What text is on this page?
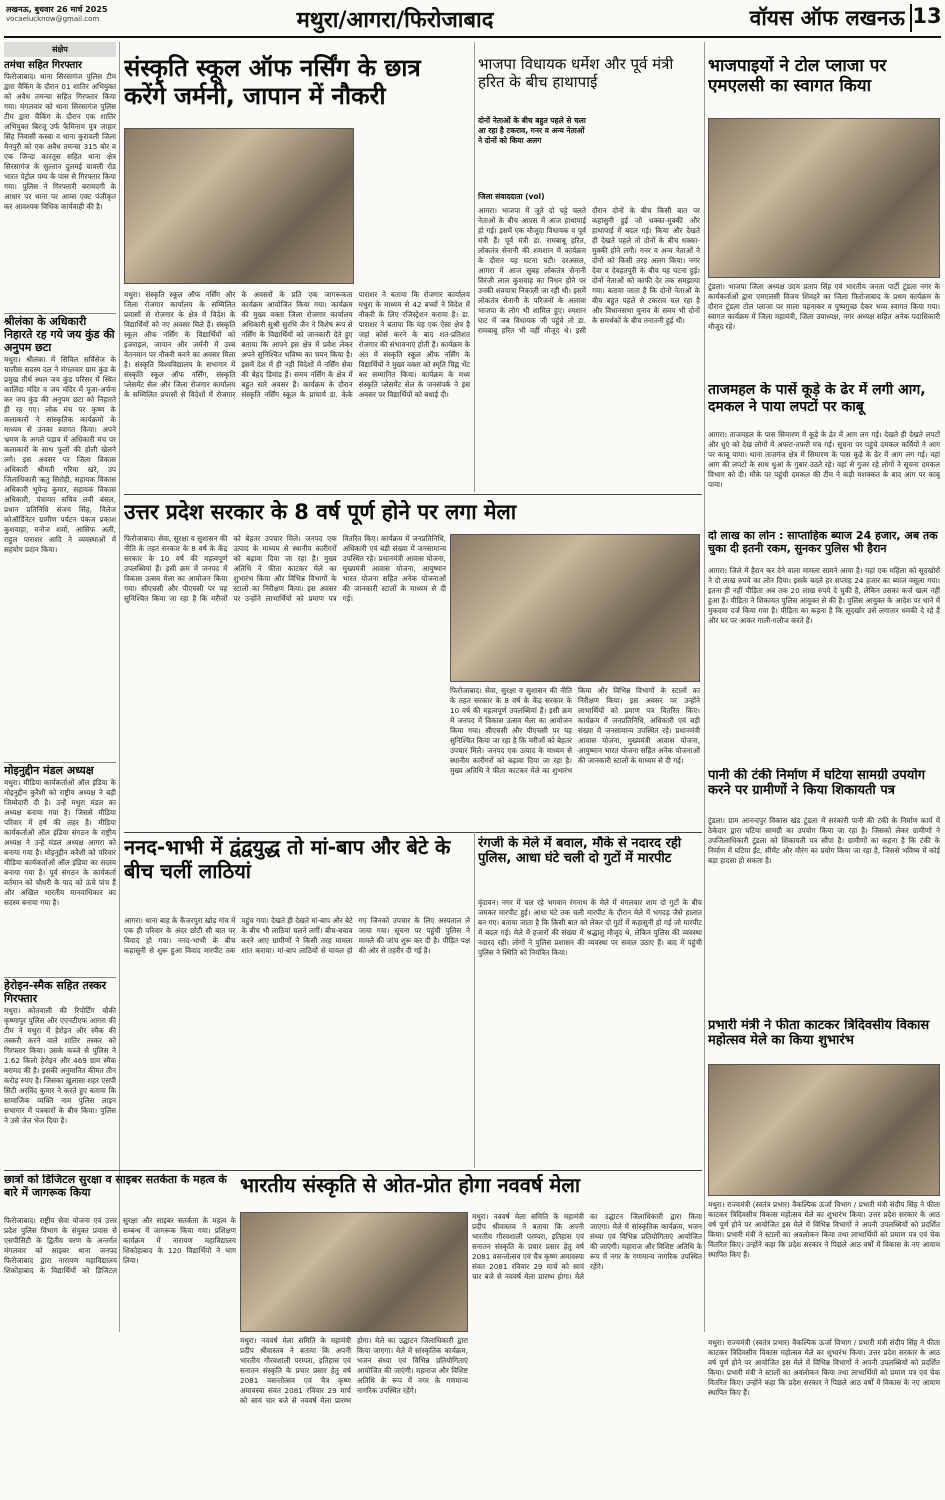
लखनऊ, बुधवार 26 मार्च 2025
vocaelucknow@gmail.com	मथुरा/आगरा/फिरोजाबाद	वॉयस ऑफ लखनऊ 13
संक्षेप
तमंचा सहित गिरफ्तार
फिरोजाबाद। थाना सिरसागंज पुलिस टीम द्वारा चैकिंग के दौरान 01 शातिर अभियुक्त को अवैध तमन्चा सहित गिरफ्तार किया गया। मंगलवार को थाना सिरसागंज पुलिस टीम द्वारा चैकिंग के दौरान एक शातिर अभियुक्त बिरजू उर्फ फैमिनाम पुत्र जाहार सिंह निवासी कस्बा व थाना कुरावली जिला मैनपुरी को एक अवैध तमन्चा 315 बोर व एक जिन्दा कारतूस सहित थाना क्षेत्र सिरसागंज के सुल्तान दुलमई चावली रोड भारत पेट्रोल पम्प के पास से गिरफ्तार किया गया। पुलिस ने गिरफ्तारी बरामदगी के आधार पर थाना पर आम्स एक्ट पंजीकृत कर आवश्यक विधिक कार्यवाही की है।
श्रीलंका के अधिकारी निहारते रह गये जय कुंड की अनुपम छटा
मथुरा। श्रीलंका में सिविल सर्विसेज के चालीस सदस्य दल ने मंगलवार ग्राम कुंड के प्रमुख तीर्थ स्थल जय कुंड परिसर में स्थित कालिंदा मंदिर व जय मंदिर में पूजा-अर्चना कर जय कुंड की अनुपम छटा को निहारते ही रह गए। लोक मंच पर कृष्ण के कलाकारों ने सांस्कृतिक कार्यक्रमों के माध्यम से उनका स्वागत किया। अपने भ्रमण के अगले पड़ाव में अधिकारी मंच पर कलाकारों के साथ फूलों की होली खेलने लगे। इस अवसर पर जिला विकास अधिकारी श्रीमती गरिमा खरे, उप जिलाधिकारी ऋतु सिरोही, सहायक विकास अधिकारी भूपेन्द्र कुमार, सहायक विकास अधिकारी, पंचायत सचिव लवी बंसल, प्रधान प्रतिनिधि संजय सिंह, विलेज कोऑर्डिनेटर ग्रामीण पर्यटन पंकज प्रकाश कुशवाहा, मनोज शर्मा, आसिफ अली, राहुल पाराशर आदि ने व्यवस्थाओं में सहयोग प्रदान किया।
मोइनुद्दीन मंडल अध्यक्ष
मथुरा। मीडिया कार्यकर्ताओं ऑल इंडिया के मोइनुद्दीन कुरैशी को राष्ट्रीय अध्यक्ष ने बड़ी जिम्मेदारी दी है। उन्हें मथुरा मंडल का अध्यक्ष बनाया गया है। जिससे मीडिया परिवार में हर्ष की लहर है। मीडिया कार्यकर्ताओं ऑल इंडिया संगठन के राष्ट्रीय अध्यक्ष ने उन्हें मंडल अध्यक्ष आगरा को बनाया गया है। मोइनुद्दीन करैशी को परिवार मीडिया कार्यकर्ताओं ऑल इंडिया का सदस्य बनाया गया है। पूर्व संगठन के कार्यकर्ता वर्तमान को चौधरी के पाद को ऊंचे पांच हैं और अखिल भारतीय मानवाधिकार का सदस्य बनाया गया है।
हेरोइन-स्मैक सहित तस्कर गिरफ्तार
मथुरा। कोतवाली की रिपोर्टिंग चौकी कृष्णापुर पुलिस और एएनटीएफ आगरा की टीम ने मथुरा में हेरोइन और स्मैक की तस्करी करने वाले शातिर तस्कर को गिरफ्तार किया। उसके कब्जे से पुलिस ने 1.62 किलो हेरोइन और 469 ग्राम स्मैक बरामद की है। इसकी अनुमानित कीमत तीन करोड़ रुपए है। जिसका खुलासा शहर एसपी सिटी अरविंद कुमार ने करते हुए बताया कि सामाजिक व्यक्ति नाम पुलिस लाइन सभागार में पत्रकारों के बीच किया। पुलिस ने उसे जेल भेज दिया है।
संस्कृति स्कूल ऑफ नर्सिंग के छात्र करेंगे जर्मनी, जापान में नौकरी
मथुरा। संस्कृति स्कूल ऑफ नर्सिंग और जिला रोजगार कार्यालय के सम्मिलित प्रयासों से रोजगार के क्षेत्र में विदेश के विद्यार्थियों को नए अवसर मिले हैं। संस्कृति स्कूल ऑफ नर्सिंग के विद्यार्थियों को इजराइल, जापान और जर्मनी में उच्च वेतनमान पर नौकरी करने का अवसर मिला है। संस्कृति विश्वविद्यालय के सभागार में संस्कृति स्कूल ऑफ नर्सिंग, संस्कृति प्लेसमेंट सेल और जिला रोजगार कार्यालय के सम्मिलित प्रयासों से विदेशों में रोजगार के अवसरों के प्रति एक जागरूकता कार्यक्रम आयोजित किया गया। कार्यक्रम की मुख्य वक्ता जिला रोजगार कार्यालय अधिकारी सुश्री सुरभि जैन ने विशेष रूप से नर्सिंग के विद्यार्थियों को जानकारी देते हुए बताया कि आपने इस क्षेत्र में प्रवेश लेकर अपने सुनिश्चित भविष्य का चयन किया है। इसमें देश में ही नहीं विदेशों में नर्सिंग सेवा की बेहद डिमांड है। समय नर्सिंग के क्षेत्र में बहुत सारे अवसर हैं। कार्यक्रम के दौरान संस्कृति नर्सिंग स्कूल के प्राचार्य डा. केके पाराशर ने बताया कि रोजगार कार्यालय मथुरा के माध्यम से 42 बच्चों ने विदेश में नौकरी के लिए रजिस्ट्रेशन कराया है। डा. पाराशर ने बताया कि यह एक ऐसा क्षेत्र है जहां कोर्स करने के बाद शत-प्रतिशत रोजगार की संभावनाएं होती हैं। कार्यक्रम के अंत में संस्कृति स्कूल ऑफ नर्सिंग के विद्यार्थियों ने मुख्य वक्ता को स्मृति चिह्न भेंट कर सम्मानित किया। कार्यक्रम के मध्य संस्कृति प्लेसमेंट सेल के जनसंपर्क ने इस अवसर पर विद्यार्थियों को बधाई दी।
भाजपा विधायक धर्मेश और पूर्व मंत्री हरित के बीच हाथापाई
दोनों नेताओं के बीच बहुत पहले से चला आ रहा है टकराव, गनर व अन्य नेताओं ने दोनों को किया अलग
जिला संवाददाता (vol)
आगरा। भाजपा में जूते दो चट्टे चलते नेताओं के बीच आपस में आज हाथापाई हो गई। इसमें एक मौजूदा विधायक व पूर्व मंत्री हैं। पूर्व मंत्री डा. रामबाबू हरित, लोकतंत्र सेनानी की शमशान में कार्यक्रम के दौरान यह घटना घटी। दरअसल, आगरा में आज सुबह लोकतंत्र सेनानी विरंजी लाल कुशवाह का निधन होने पर उनकी शवयात्रा निकाली जा रही थी। इसमें लोकतंत्र सेनानी के परिजनों के अलावा भाजपा के लोग भी शामिल हुए। श्मशान घाट में जब विधायक जी पहुंचे तो डा. रामबाबू हरित भी वहीं मौजूद थे। इसी दौरान दोनों के बीच किसी बात पर कहासुनी हुई जो धक्का-मुक्की और हाथापाई में बदल गई। किया और देखते ही देखते पहले तो दोनों के बीच धक्का-मुक्की होने लगी। गनर व अन्य नेताओं ने दोनों को किसी तरह अलग किया। नगर देवा व देवहतपुरी के बीच यह घटना हुई। दोनों नेताओं को काफी देर तक समझाया गया। बताया जाता है कि दोनों नेताओं के बीच बहुत पहले से टकराव चल रहा है और विधानसभा चुनाव के समय भी दोनों के समर्थकों के बीच तनातनी हुई थी।
भाजपाइयों ने टोल प्लाजा पर एमएलसी का स्वागत किया
टूंडला। भाजपा जिला अध्यक्ष उदय प्रताप सिंह एवं भारतीय जनता पार्टी टूंडला नगर के कार्यकर्ताओं द्वारा एमएलसी विजय शिवहरे का जिला फिरोजाबाद के प्रथम कार्यक्रम के दौरान टूंडला टोल प्लाजा पर माला पहनाकर व पुष्पगुच्छ देकर भव्य स्वागत किया गया। स्वागत कार्यक्रम में जिला महामंत्री, जिला उपाध्यक्ष, नगर अध्यक्ष सहित अनेक पदाधिकारी मौजूद रहे।
ताजमहल के पासें कूड़े के ढेर में लगी आग, दमकल ने पाया लपटों पर काबू
आगरा। ताजमहल के पास सिमारण में कूड़े के ढेर में आग लग गई। देखते ही देखते लपटों और धुएं को देख लोगों में अफरा-तफरी मच गई। सूचना पर पहुंचे दमकल कर्मियों ने आग पर काबू पाया। थाना ताजगंज क्षेत्र में सिमारण के पास कूड़े के ढेर में आग लग गई। वहां आग की लपटों के साथ धुआं के गुबार उठते रहे। वहां से गुजर रहे लोगों ने सूचना दमकल विभाग को दी। मौके पर पहुंची दमकल की टीम ने कड़ी मशक्कत के बाद आग पर काबू पाया।
दो लाख का लोन : साप्ताहिक ब्याज 24 हजार, अब तक चुका दी इतनी रकम, सुनकर पुलिस भी हैरान
आगरा। जिले में हैरान कर देने वाला मामला सामने आया है। यहां एक महिला को सूदखोरों ने दो लाख रुपये का लोन दिया। इसके बदले हर सप्ताह 24 हजार का ब्याज वसूला गया। इतना ही नहीं पीड़िता अब तक 20 लाख रुपये दे चुकी है, लेकिन उसका कर्ज खत्म नहीं हुआ है। पीड़िता ने शिकायत पुलिस आयुक्त से की है। पुलिस आयुक्त के आदेश पर थाने में मुकदमा दर्ज किया गया है। पीड़िता का कहना है कि सूदखोर उसे लगातार धमकी दे रहे हैं और घर पर आकर गाली-गलौज करते हैं।
पानी की टंकी निर्माण में घटिया सामग्री उपयोग करने पर ग्रामीणों ने किया शिकायती पत्र
टूंडला। ग्राम आनन्दपुर विकास खंड टूंडला में सरकारी पानी की टंकी के निर्माण कार्य में ठेकेदार द्वारा घटिया सामग्री का उपयोग किया जा रहा है। जिसको लेकर ग्रामीणों ने उपजिलाधिकारी टूंडला को शिकायती पत्र सौंपा है। ग्रामीणों का कहना है कि टंकी के निर्माण में घटिया ईंट, सीमेंट और मौरंग का प्रयोग किया जा रहा है, जिससे भविष्य में कोई बड़ा हादसा हो सकता है।
प्रभारी मंत्री ने फीता काटकर त्रिदिवसीय विकास महोत्सव मेले का किया शुभारंभ
मथुरा। राज्यमंत्री (स्वतंत्र प्रभार) वैकल्पिक ऊर्जा विभाग / प्रभारी मंत्री संदीप सिंह ने फीता काटकर त्रिदिवसीय विकास महोत्सव मेले का शुभारंभ किया। उत्तर प्रदेश सरकार के आठ वर्ष पूर्ण होने पर आयोजित इस मेले में विभिन्न विभागों ने अपनी उपलब्धियों को प्रदर्शित किया। प्रभारी मंत्री ने स्टालों का अवलोकन किया तथा लाभार्थियों को प्रमाण पत्र एवं चेक वितरित किए। उन्होंने कहा कि प्रदेश सरकार ने पिछले आठ वर्षों में विकास के नए आयाम स्थापित किए हैं।
उत्तर प्रदेश सरकार के 8 वर्ष पूर्ण होने पर लगा मेला
फिरोजाबाद। सेवा, सुरक्षा व सुशासन की नीति के तहत सरकार के 8 वर्ष के केंद्र सरकार के 10 वर्ष की महत्वपूर्ण उपलब्धियां हैं। इसी क्रम में जनपद में विकास उत्सव मेला का आयोजन किया गया। सीएचसी और पीएचसी पर यह सुनिश्चित किया जा रहा है कि मरीजों को बेहतर उपचार मिले। जनपद एक उत्पाद के माध्यम से स्थानीय कारीगरों को बढ़ावा दिया जा रहा है। मुख्य अतिथि ने फीता काटकर मेले का शुभारंभ किया और विभिन्न विभागों के स्टालों का निरीक्षण किया। इस अवसर पर उन्होंने लाभार्थियों को प्रमाण पत्र वितरित किए। कार्यक्रम में जनप्रतिनिधि, अधिकारी एवं बड़ी संख्या में जनसामान्य उपस्थित रहे। प्रधानमंत्री आवास योजना, मुख्यमंत्री आवास योजना, आयुष्मान भारत योजना सहित अनेक योजनाओं की जानकारी स्टालों के माध्यम से दी गई।
फिरोजाबाद। सेवा, सुरक्षा व सुशासन की नीति के तहत सरकार के 8 वर्ष के केंद्र सरकार के 10 वर्ष की महत्वपूर्ण उपलब्धियां हैं। इसी क्रम में जनपद में विकास उत्सव मेला का आयोजन किया गया। सीएचसी और पीएचसी पर यह सुनिश्चित किया जा रहा है कि मरीजों को बेहतर उपचार मिले। जनपद एक उत्पाद के माध्यम से स्थानीय कारीगरों को बढ़ावा दिया जा रहा है। मुख्य अतिथि ने फीता काटकर मेले का शुभारंभ किया और विभिन्न विभागों के स्टालों का निरीक्षण किया। इस अवसर पर उन्होंने लाभार्थियों को प्रमाण पत्र वितरित किए। कार्यक्रम में जनप्रतिनिधि, अधिकारी एवं बड़ी संख्या में जनसामान्य उपस्थित रहे। प्रधानमंत्री आवास योजना, मुख्यमंत्री आवास योजना, आयुष्मान भारत योजना सहित अनेक योजनाओं की जानकारी स्टालों के माध्यम से दी गई।
ननद-भाभी में द्वंद्वयुद्ध तो मां-बाप और बेटे के बीच चलीं लाठियां
आगरा। थाना बाह के कैंजरपुरा खोड़ गांव में एक ही परिवार के अंदर छोटी सी बात पर विवाद हो गया। ननद-भाभी के बीच कहासुनी से शुरू हुआ विवाद मारपीट तक पहुंच गया। देखते ही देखते मां-बाप और बेटे के बीच भी लाठियां चलने लगीं। बीच-बचाव करने आए ग्रामीणों ने किसी तरह मामला शांत कराया। मां-बाप लाठियों से घायल हो गए जिनको उपचार के लिए अस्पताल ले जाया गया। सूचना पर पहुंची पुलिस ने मामले की जांच शुरू कर दी है। पीड़ित पक्ष की ओर से तहरीर दी गई है।
रंगजी के मेले में बवाल, मौके से नदारद रही पुलिस, आधा घंटे चली दो गुटों में मारपीट
वृंदावन। नगर में चल रहे भगवान रंगनाथ के मेले में मंगलवार शाम दो गुटों के बीच जमकर मारपीट हुई। आधा घंटे तक चली मारपीट के दौरान मेले में भगदड़ जैसे हालात बन गए। बताया जाता है कि किसी बात को लेकर दो गुटों में कहासुनी हो गई जो मारपीट में बदल गई। मेले में हजारों की संख्या में श्रद्धालु मौजूद थे, लेकिन पुलिस की व्यवस्था नदारद रही। लोगों ने पुलिस प्रशासन की व्यवस्था पर सवाल उठाए हैं। बाद में पहुंची पुलिस ने स्थिति को नियंत्रित किया।
छात्रों को डिजिटल सुरक्षा व साइबर सतर्कता के महत्व के बारे में जागरूक किया
फिरोजाबाद। राष्ट्रीय सेवा योजना एवं उत्तर प्रदेश पुलिस विभाग के संयुक्त प्रयास से एसपीसिटी के द्वितीय चरण के अन्तर्गत मंगलवार को साइबर थाना जनपद फिरोजाबाद द्वारा नारायण महाविद्यालय शिकोहाबाद के विद्यार्थियों को डिजिटल सुरक्षा और साइबर सतर्कता के महत्व के सम्बन्ध में जागरूक किया गया। प्रशिक्षण कार्यक्रम में नारायण महाविद्यालय शिकोहाबाद के 120 विद्यार्थियों ने भाग लिया।
भारतीय संस्कृति से ओत-प्रोत होगा नववर्ष मेला
मथुरा। नववर्ष मेला समिति के महामंत्री प्रदीप श्रीवास्तव ने बताया कि अपनी भारतीय गौरवशाली परम्परा, इतिहास एवं सनातन संस्कृति के प्रचार प्रसार हेतु वर्ष 2081 वसन्तोत्सव एवं चैत्र कृष्ण अमावस्या संवत 2081 रविवार 29 मार्च को सायं चार बजे से नववर्ष मेला प्रारम्भ होगा। मेले का उद्घाटन जिलाधिकारी द्वारा किया जाएगा। मेले में सांस्कृतिक कार्यक्रम, भजन संध्या एवं विभिन्न प्रतियोगिताएं आयोजित की जाएंगी। महाराज और विशिष्ट अतिथि के रूप में नगर के गणमान्य नागरिक उपस्थित रहेंगे।
मथुरा। नववर्ष मेला समिति के महामंत्री प्रदीप श्रीवास्तव ने बताया कि अपनी भारतीय गौरवशाली परम्परा, इतिहास एवं सनातन संस्कृति के प्रचार प्रसार हेतु वर्ष 2081 वसन्तोत्सव एवं चैत्र कृष्ण अमावस्या संवत 2081 रविवार 29 मार्च को सायं चार बजे से नववर्ष मेला प्रारम्भ होगा। मेले का उद्घाटन जिलाधिकारी द्वारा किया जाएगा। मेले में सांस्कृतिक कार्यक्रम, भजन संध्या एवं विभिन्न प्रतियोगिताएं आयोजित की जाएंगी। महाराज और विशिष्ट अतिथि के रूप में नगर के गणमान्य नागरिक उपस्थित रहेंगे।
मथुरा। राज्यमंत्री (स्वतंत्र प्रभार) वैकल्पिक ऊर्जा विभाग / प्रभारी मंत्री संदीप सिंह ने फीता काटकर त्रिदिवसीय विकास महोत्सव मेले का शुभारंभ किया। उत्तर प्रदेश सरकार के आठ वर्ष पूर्ण होने पर आयोजित इस मेले में विभिन्न विभागों ने अपनी उपलब्धियों को प्रदर्शित किया। प्रभारी मंत्री ने स्टालों का अवलोकन किया तथा लाभार्थियों को प्रमाण पत्र एवं चेक वितरित किए। उन्होंने कहा कि प्रदेश सरकार ने पिछले आठ वर्षों में विकास के नए आयाम स्थापित किए हैं।
